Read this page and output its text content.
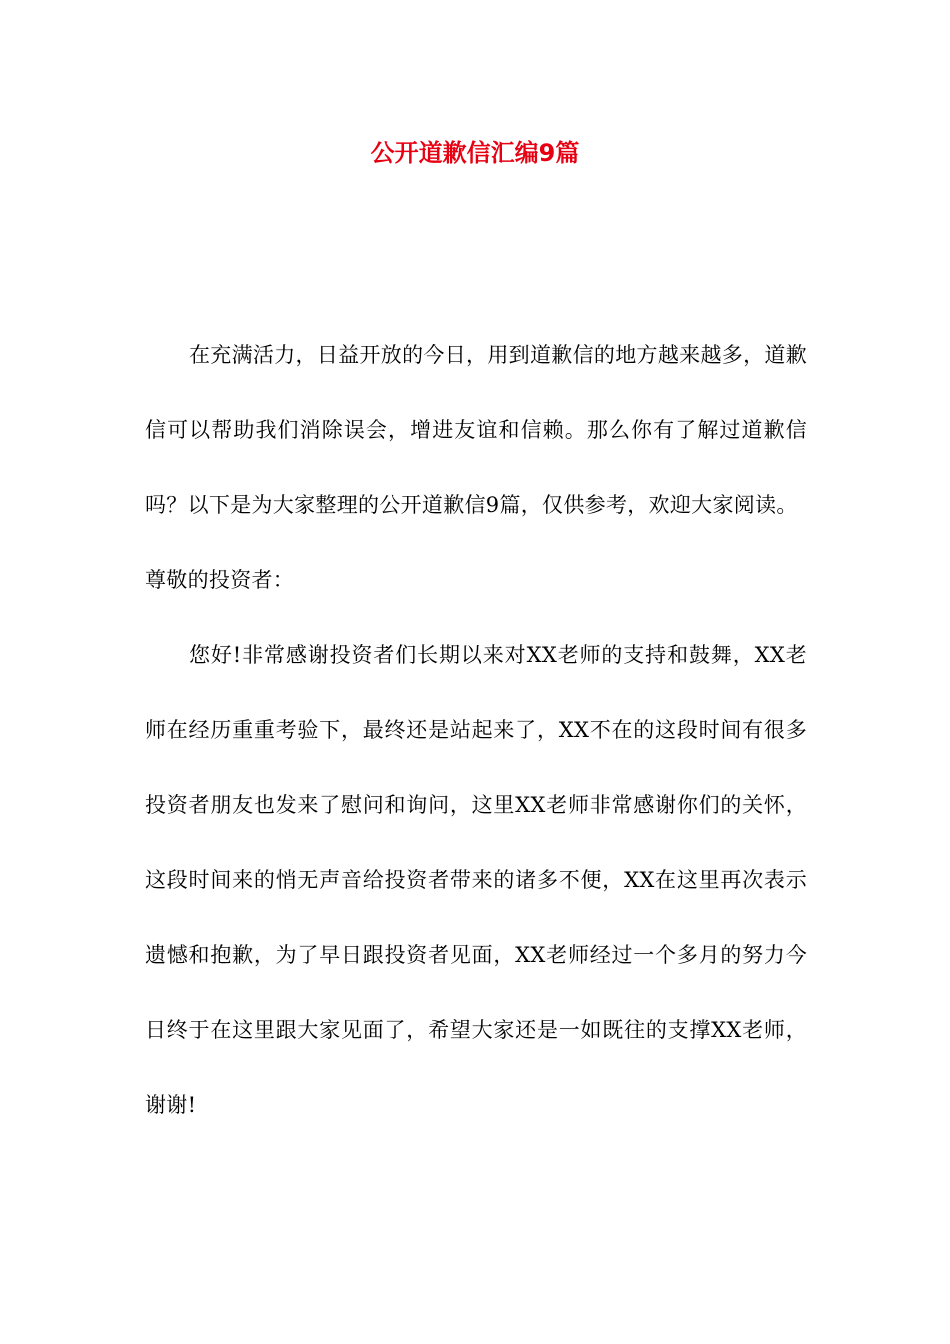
公开道歉信汇编9篇

在充满活力，日益开放的今日，用到道歉信的地方越来越多，道歉信可以帮助我们消除误会，增进友谊和信赖。那么你有了解过道歉信吗？以下是为大家整理的公开道歉信9篇，仅供参考，欢迎大家阅读。

尊敬的投资者：

您好!非常感谢投资者们长期以来对XX老师的支持和鼓舞，XX老师在经历重重考验下，最终还是站起来了，XX不在的这段时间有很多投资者朋友也发来了慰问和询问，这里XX老师非常感谢你们的关怀，这段时间来的悄无声音给投资者带来的诸多不便，XX在这里再次表示遗憾和抱歉，为了早日跟投资者见面，XX老师经过一个多月的努力今日终于在这里跟大家见面了，希望大家还是一如既往的支撑XX老师，谢谢!
